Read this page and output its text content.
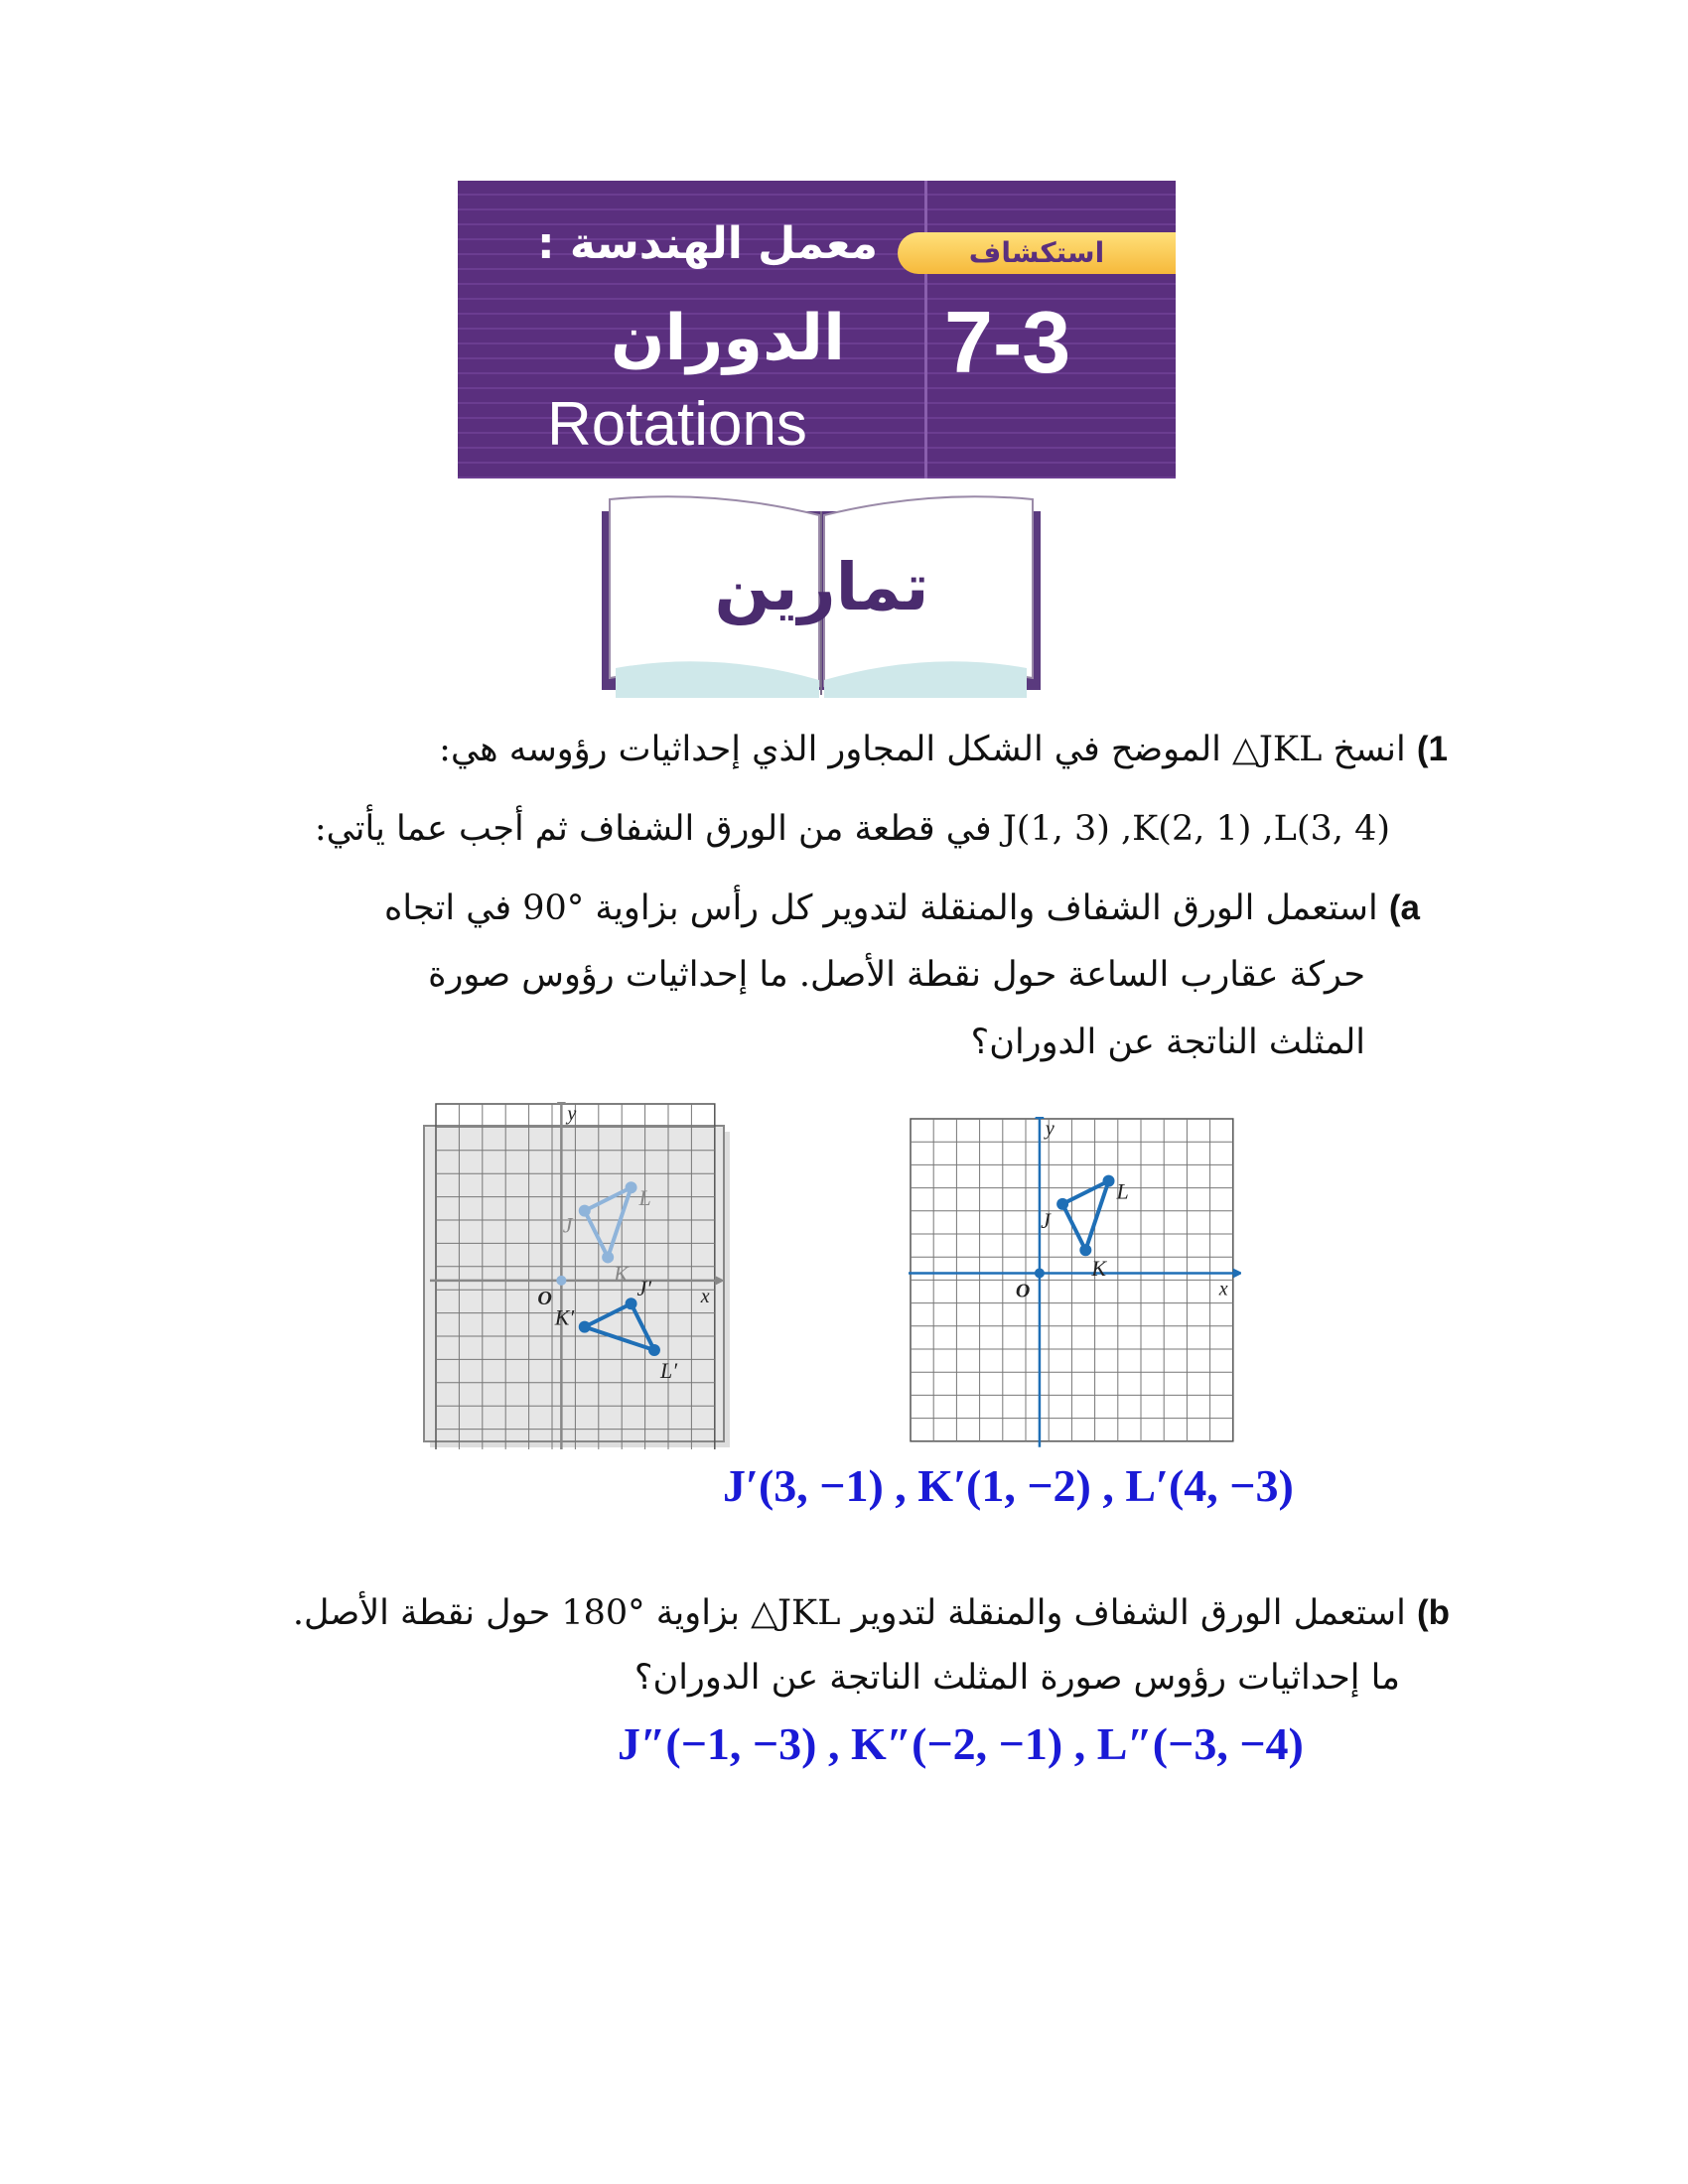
معمل الهندسة :
الدوران
Rotations
استكشاف
7-3
تمارين
1) انسخ JKL△ الموضح في الشكل المجاور الذي إحداثيات رؤوسه هي:
J(1, 3) ,K(2, 1) ,L(3, 4) في قطعة من الورق الشفاف ثم أجب عما يأتي:
a) استعمل الورق الشفاف والمنقلة لتدوير كل رأس بزاوية °90 في اتجاه
حركة عقارب الساعة حول نقطة الأصل. ما إحداثيات رؤوس صورة
المثلث الناتجة عن الدوران؟
x
y
O
J
K
L
J′
K′
L′
x
y
O
J
K
L
J′(3, −1) , K′(1, −2) , L′(4, −3)
b) استعمل الورق الشفاف والمنقلة لتدوير JKL△ بزاوية °180 حول نقطة الأصل.
ما إحداثيات رؤوس صورة المثلث الناتجة عن الدوران؟
J″(−1, −3) , K″(−2, −1) , L″(−3, −4)
